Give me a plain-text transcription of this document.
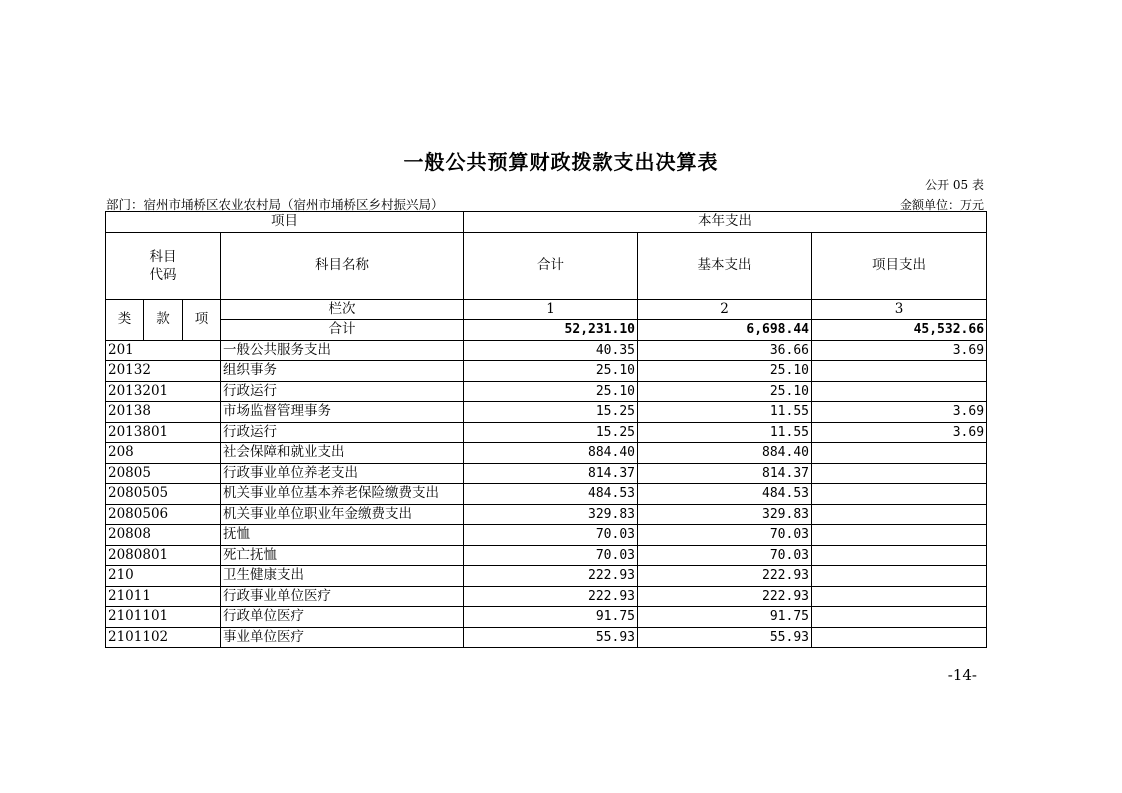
一般公共预算财政拨款支出决算表
公开 05 表
部门：宿州市埇桥区农业农村局（宿州市埇桥区乡村振兴局）	金额单位：万元
项目				本年支出		

科目
代码			科目名称	合计	基本支出	项目支出
类	款	项	栏次	1	2	3
			合计	52,231.10	6,698.44	45,532.66
201			一般公共服务支出	40.35	36.66	3.69
20132			组织事务	25.10	25.10	
2013201			行政运行	25.10	25.10	
20138			市场监督管理事务	15.25	11.55	3.69
2013801			行政运行	15.25	11.55	3.69
208			社会保障和就业支出	884.40	884.40	
20805			行政事业单位养老支出	814.37	814.37	
2080505			机关事业单位基本养老保险缴费支出	484.53	484.53	
2080506			机关事业单位职业年金缴费支出	329.83	329.83	
20808			抚恤	70.03	70.03	
2080801			死亡抚恤	70.03	70.03	
210			卫生健康支出	222.93	222.93	
21011			行政事业单位医疗	222.93	222.93	
2101101			行政单位医疗	91.75	91.75	
2101102			事业单位医疗	55.93	55.93	
-14-
